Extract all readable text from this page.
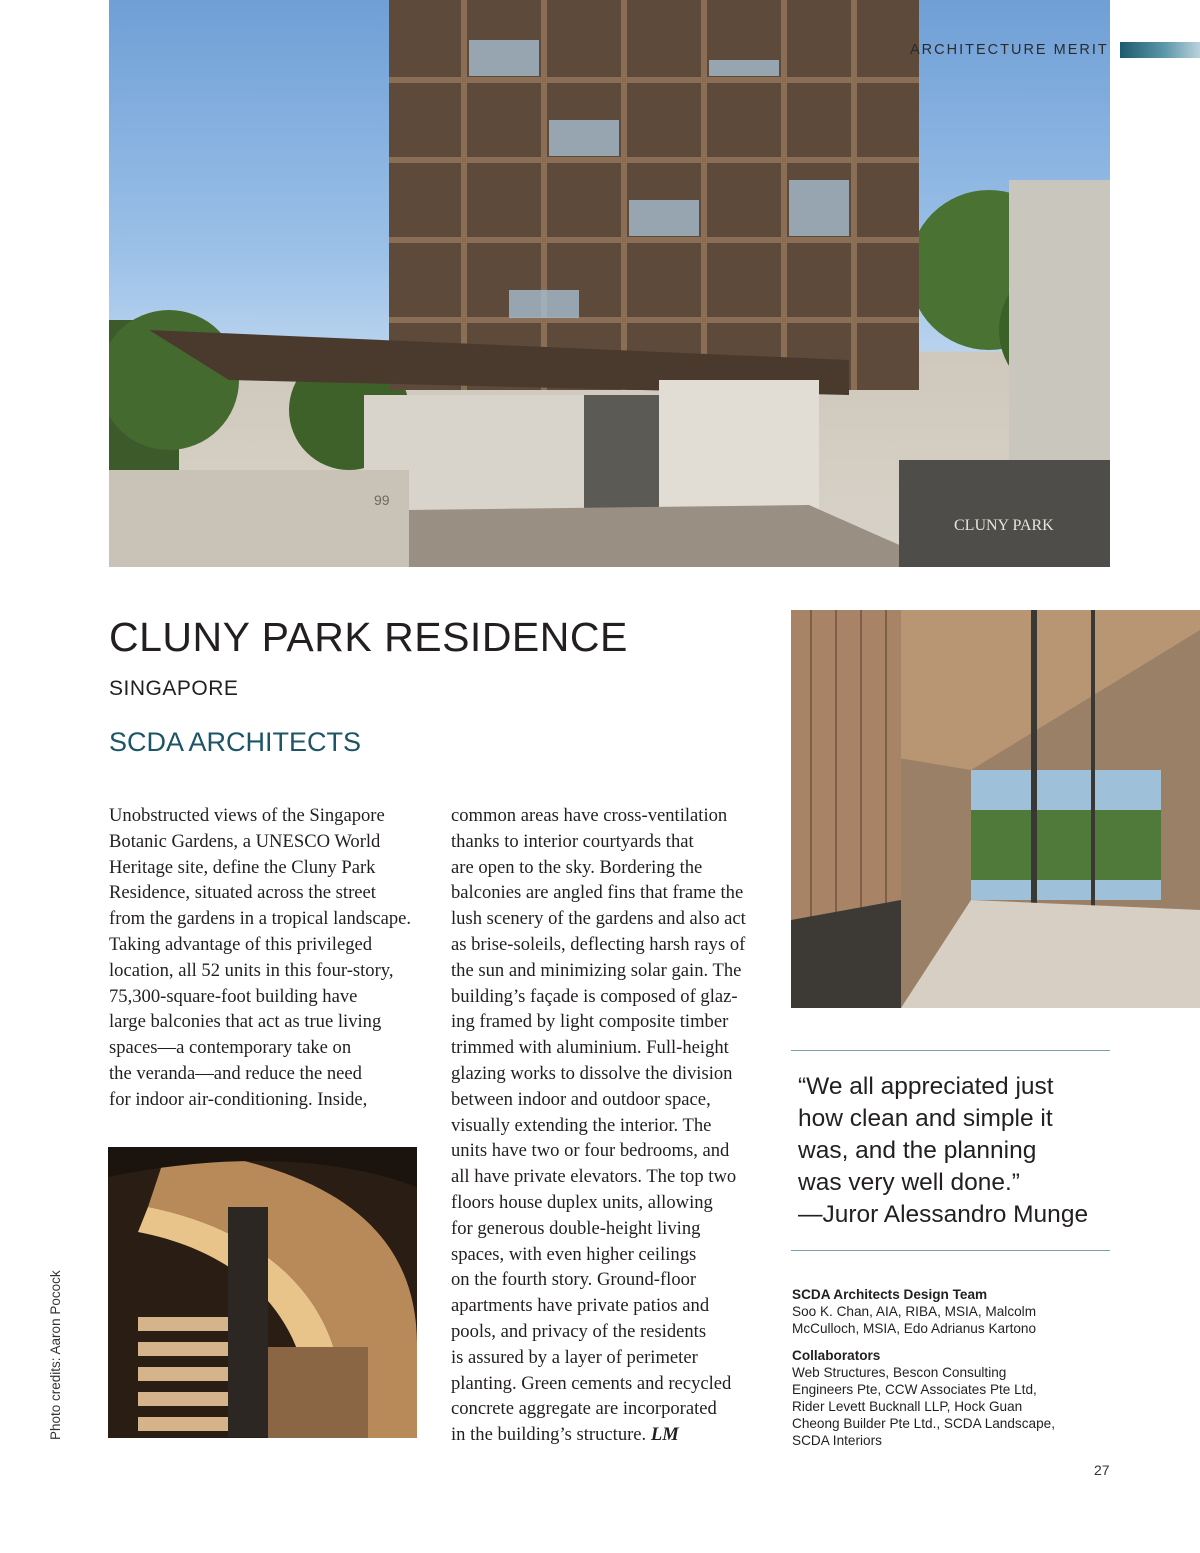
99
CLUNY PARK
ARCHITECTURE MERIT
CLUNY PARK RESIDENCE
SINGAPORE
SCDA ARCHITECTS
Unobstructed views of the Singapore
Botanic Gardens, a UNESCO World
Heritage site, define the Cluny Park
Residence, situated across the street
from the gardens in a tropical landscape.
Taking advantage of this privileged
location, all 52 units in this four-story,
75,300-square-foot building have
large balconies that act as true living
spaces—a contemporary take on
the veranda—and reduce the need
for indoor air-conditioning. Inside,
common areas have cross-ventilation
thanks to interior courtyards that
are open to the sky. Bordering the
balconies are angled fins that frame the
lush scenery of the gardens and also act
as brise-soleils, deflecting harsh rays of
the sun and minimizing solar gain. The
building’s façade is composed of glaz-
ing framed by light composite timber
trimmed with aluminium. Full-height
glazing works to dissolve the division
between indoor and outdoor space,
visually extending the interior. The
units have two or four bedrooms, and
all have private elevators. The top two
floors house duplex units, allowing
for generous double-height living
spaces, with even higher ceilings
on the fourth story. Ground-floor
apartments have private patios and
pools, and privacy of the residents
is assured by a layer of perimeter
planting. Green cements and recycled
concrete aggregate are incorporated
in the building’s structure. LM
Photo credits: Aaron Pocock
“We all appreciated just
how clean and simple it
was, and the planning
was very well done.”
—Juror Alessandro Munge
SCDA Architects Design Team
Soo K. Chan, AIA, RIBA, MSIA, Malcolm
McCulloch, MSIA, Edo Adrianus Kartono
Collaborators
Web Structures, Bescon Consulting
Engineers Pte, CCW Associates Pte Ltd,
Rider Levett Bucknall LLP, Hock Guan
Cheong Builder Pte Ltd., SCDA Landscape,
SCDA Interiors
27
